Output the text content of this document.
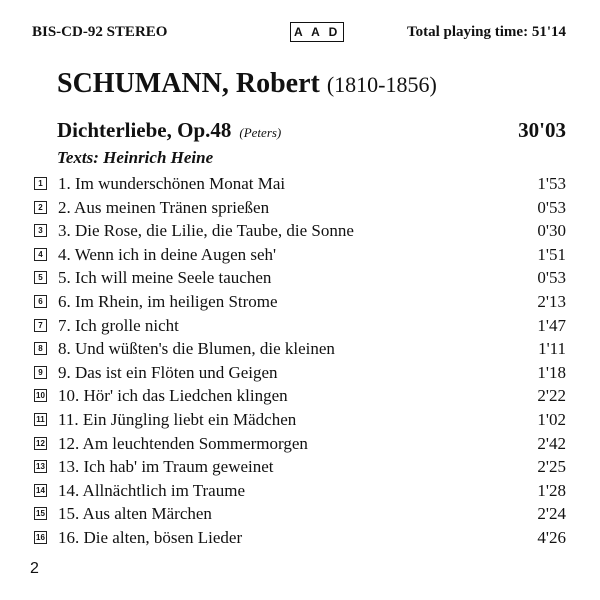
BIS-CD-92 STEREO	A A D	Total playing time: 51'14
SCHUMANN, Robert (1810-1856)
Dichterliebe, Op.48 (Peters)	30'03
Texts: Heinrich Heine
1 1. Im wunderschönen Monat Mai	1'53
2 2. Aus meinen Tränen sprießen	0'53
3 3. Die Rose, die Lilie, die Taube, die Sonne	0'30
4 4. Wenn ich in deine Augen seh'	1'51
5 5. Ich will meine Seele tauchen	0'53
6 6. Im Rhein, im heiligen Strome	2'13
7 7. Ich grolle nicht	1'47
8 8. Und wüßten's die Blumen, die kleinen	1'11
9 9. Das ist ein Flöten und Geigen	1'18
10 10. Hör' ich das Liedchen klingen	2'22
11 11. Ein Jüngling liebt ein Mädchen	1'02
12 12. Am leuchtenden Sommermorgen	2'42
13 13. Ich hab' im Traum geweinet	2'25
14 14. Allnächtlich im Traume	1'28
15 15. Aus alten Märchen	2'24
16 16. Die alten, bösen Lieder	4'26
2
